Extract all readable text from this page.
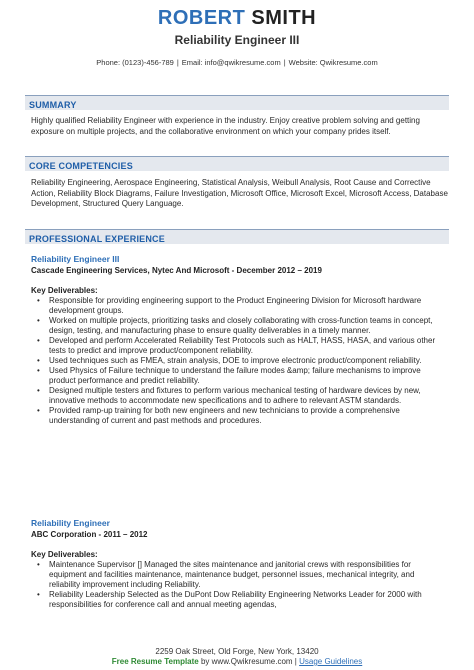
ROBERT SMITH
Reliability Engineer III
Phone: (0123)-456-789 | Email: info@qwikresume.com | Website: Qwikresume.com
SUMMARY
Highly qualified Reliability Engineer with experience in the industry. Enjoy creative problem solving and getting exposure on multiple projects, and the collaborative environment on which your company prides itself.
CORE COMPETENCIES
Reliability Engineering, Aerospace Engineering, Statistical Analysis, Weibull Analysis, Root Cause and Corrective Action, Reliability Block Diagrams, Failure Investigation, Microsoft Office, Microsoft Excel, Microsoft Access, Database Development, Structured Query Language.
PROFESSIONAL EXPERIENCE
Reliability Engineer III
Cascade Engineering Services, Nytec And Microsoft - December 2012 – 2019
Key Deliverables:
• Responsible for providing engineering support to the Product Engineering Division for Microsoft hardware development groups.
• Worked on multiple projects, prioritizing tasks and closely collaborating with cross-function teams in concept, design, testing, and manufacturing phase to ensure quality deliverables in a timely manner.
• Developed and perform Accelerated Reliability Test Protocols such as HALT, HASS, HASA, and various other tests to predict and improve product/component reliability.
• Used techniques such as FMEA, strain analysis, DOE to improve electronic product/component reliability.
• Used Physics of Failure technique to understand the failure modes &amp; failure mechanisms to improve product performance and predict reliability.
• Designed multiple testers and fixtures to perform various mechanical testing of hardware devices by new, innovative methods to accommodate new specifications and to adhere to relevant ASTM standards.
• Provided ramp-up training for both new engineers and new technicians to provide a comprehensive understanding of current and past methods and procedures.
Reliability Engineer
ABC Corporation - 2011 – 2012
Key Deliverables:
• Maintenance Supervisor [] Managed the sites maintenance and janitorial crews with responsibilities for equipment and facilities maintenance, maintenance budget, personnel issues, mechanical integrity, and reliability improvement including Reliability.
• Reliability Leadership Selected as the DuPont Dow Reliability Engineering Networks Leader for 2000 with responsibilities for conference call and annual meeting agendas,
2259 Oak Street, Old Forge, New York, 13420
Free Resume Template by www.Qwikresume.com | Usage Guidelines
